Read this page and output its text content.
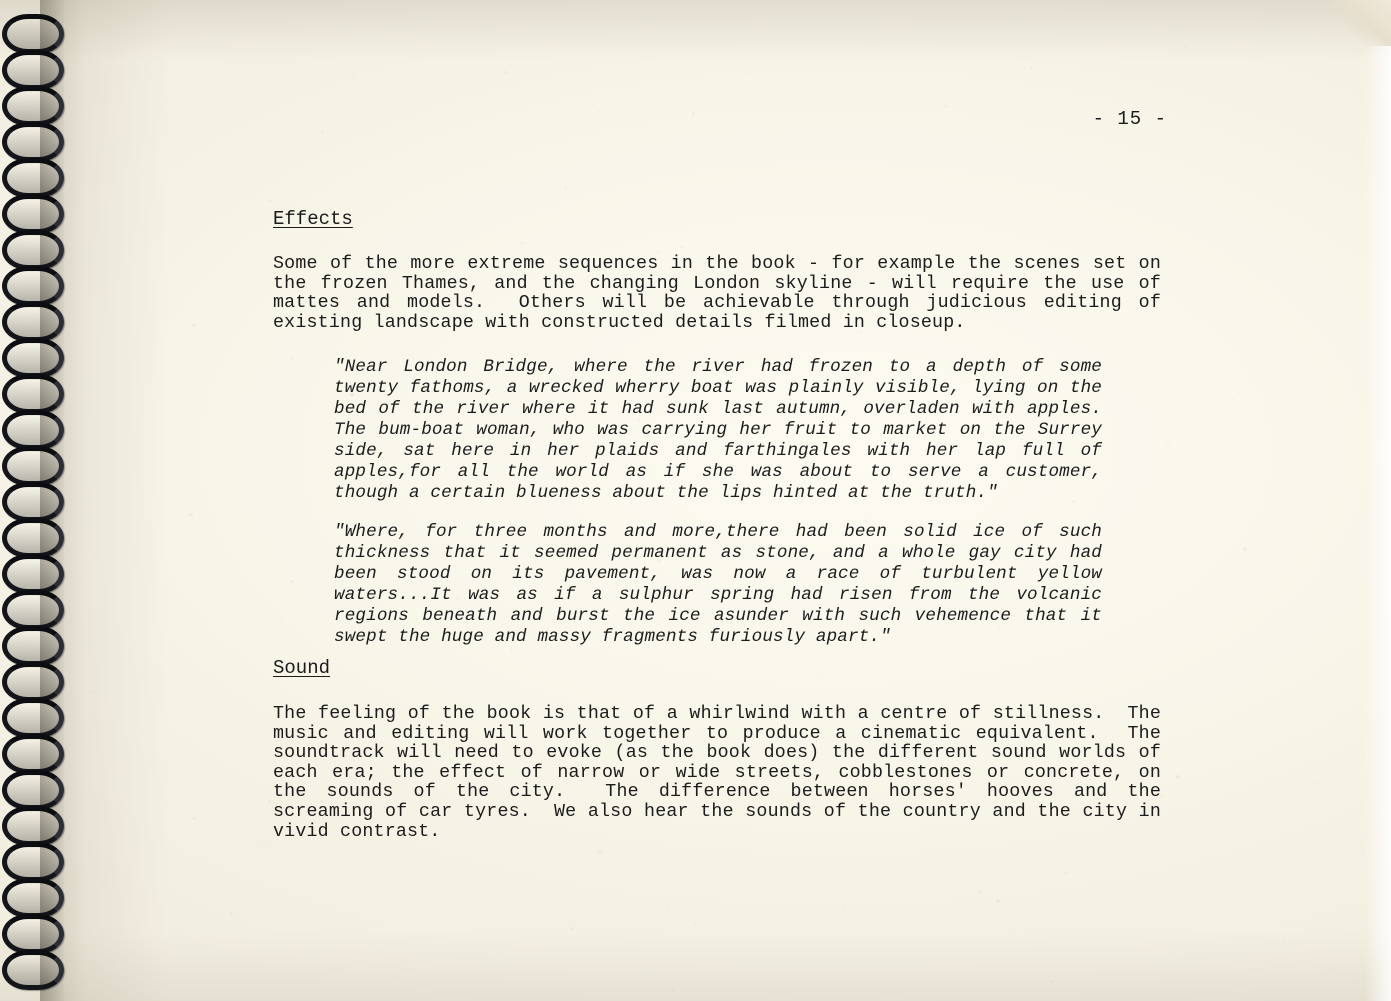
- 15 -
Effects
Some of the more extreme sequences in the book - for example the scenes set on the frozen Thames, and the changing London skyline - will require the use of mattes and models.  Others will be achievable through judicious editing of existing landscape with constructed details filmed in closeup.
"Near London Bridge, where the river had frozen to a depth of some twenty fathoms, a wrecked wherry boat was plainly visible, lying on the bed of the river where it had sunk last autumn, overladen with apples.  The bum-boat woman, who was carrying her fruit to market on the Surrey side, sat here in her plaids and farthingales with her lap full of apples,for all the world as if she was about to serve a customer, though a certain blueness about the lips hinted at the truth."
"Where, for three months and more,there had been solid ice of such thickness that it seemed permanent as stone, and a whole gay city had been stood on its pavement, was now a race of turbulent yellow waters...It was as if a sulphur spring had risen from the volcanic regions beneath and burst the ice asunder with such vehemence that it swept the huge and massy fragments furiously apart."
Sound
The feeling of the book is that of a whirlwind with a centre of stillness.  The music and editing will work together to produce a cinematic equivalent.  The soundtrack will need to evoke (as the book does) the different sound worlds of each era; the effect of narrow or wide streets, cobblestones or concrete, on the sounds of the city.  The difference between horses' hooves and the screaming of car tyres.  We also hear the sounds of the country and the city in vivid contrast.
